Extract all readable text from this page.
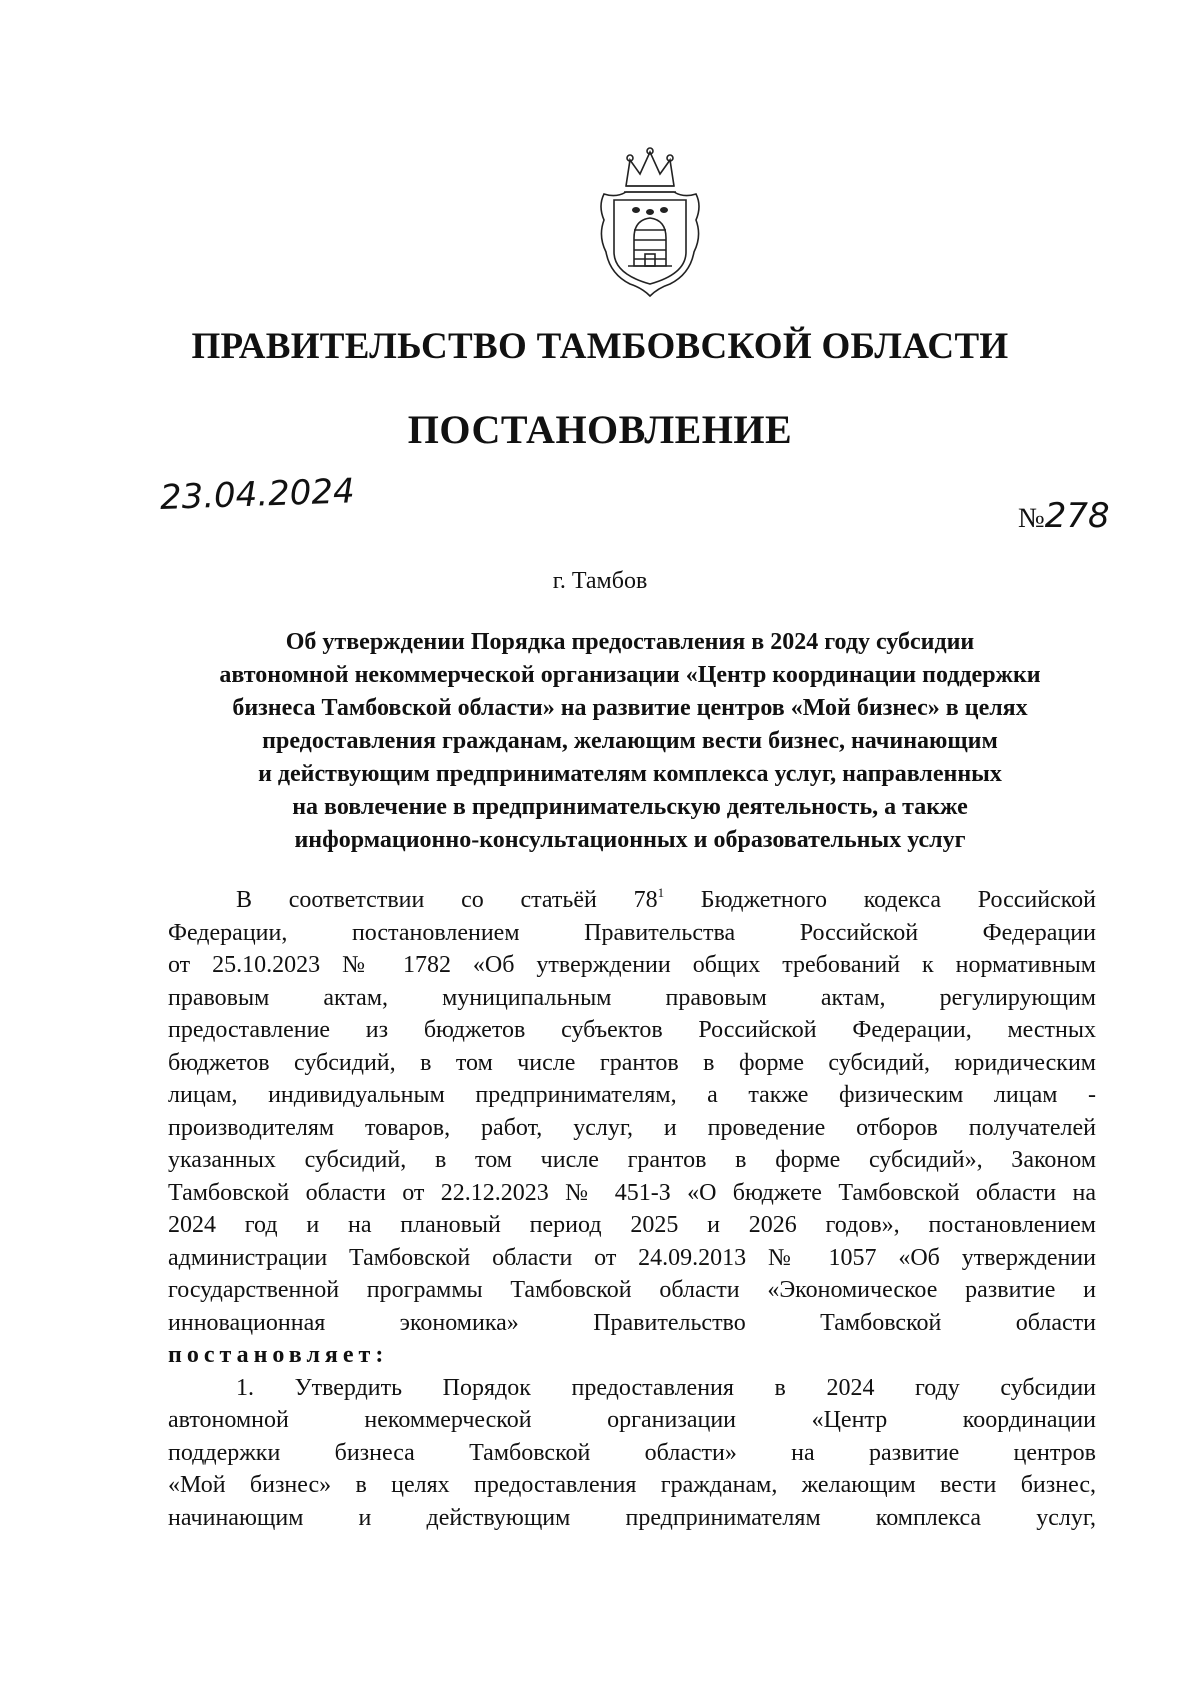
ПРАВИТЕЛЬСТВО ТАМБОВСКОЙ ОБЛАСТИ
ПОСТАНОВЛЕНИЕ
23.04.2024
№278
г. Тамбов
Об утверждении Порядка предоставления в 2024 году субсидии
автономной некоммерческой организации «Центр координации поддержки
бизнеса Тамбовской области» на развитие центров «Мой бизнес» в целях
предоставления гражданам, желающим вести бизнес, начинающим
и действующим предпринимателям комплекса услуг, направленных
на вовлечение в предпринимательскую деятельность, а также
информационно-консультационных и образовательных услуг
В соответствии со статьёй $78^1$ Бюджетного кодекса Российской
Федерации, постановлением Правительства Российской Федерации
от 25.10.2023 № 1782 «Об утверждении общих требований к нормативным
правовым актам, муниципальным правовым актам, регулирующим
предоставление из бюджетов субъектов Российской Федерации, местных
бюджетов субсидий, в том числе грантов в форме субсидий, юридическим
лицам, индивидуальным предпринимателям, а также физическим лицам -
производителям товаров, работ, услуг, и проведение отборов получателей
указанных субсидий, в том числе грантов в форме субсидий», Законом
Тамбовской области от 22.12.2023 № 451-З «О бюджете Тамбовской области на
2024 год и на плановый период 2025 и 2026 годов», постановлением
администрации Тамбовской области от 24.09.2013 № 1057 «Об утверждении
государственной программы Тамбовской области «Экономическое развитие и
инновационная экономика» Правительство Тамбовской области
постановляет:
1. Утвердить Порядок предоставления в 2024 году субсидии
автономной некоммерческой организации «Центр координации
поддержки бизнеса Тамбовской области» на развитие центров
«Мой бизнес» в целях предоставления гражданам, желающим вести бизнес,
начинающим и действующим предпринимателям комплекса услуг,
